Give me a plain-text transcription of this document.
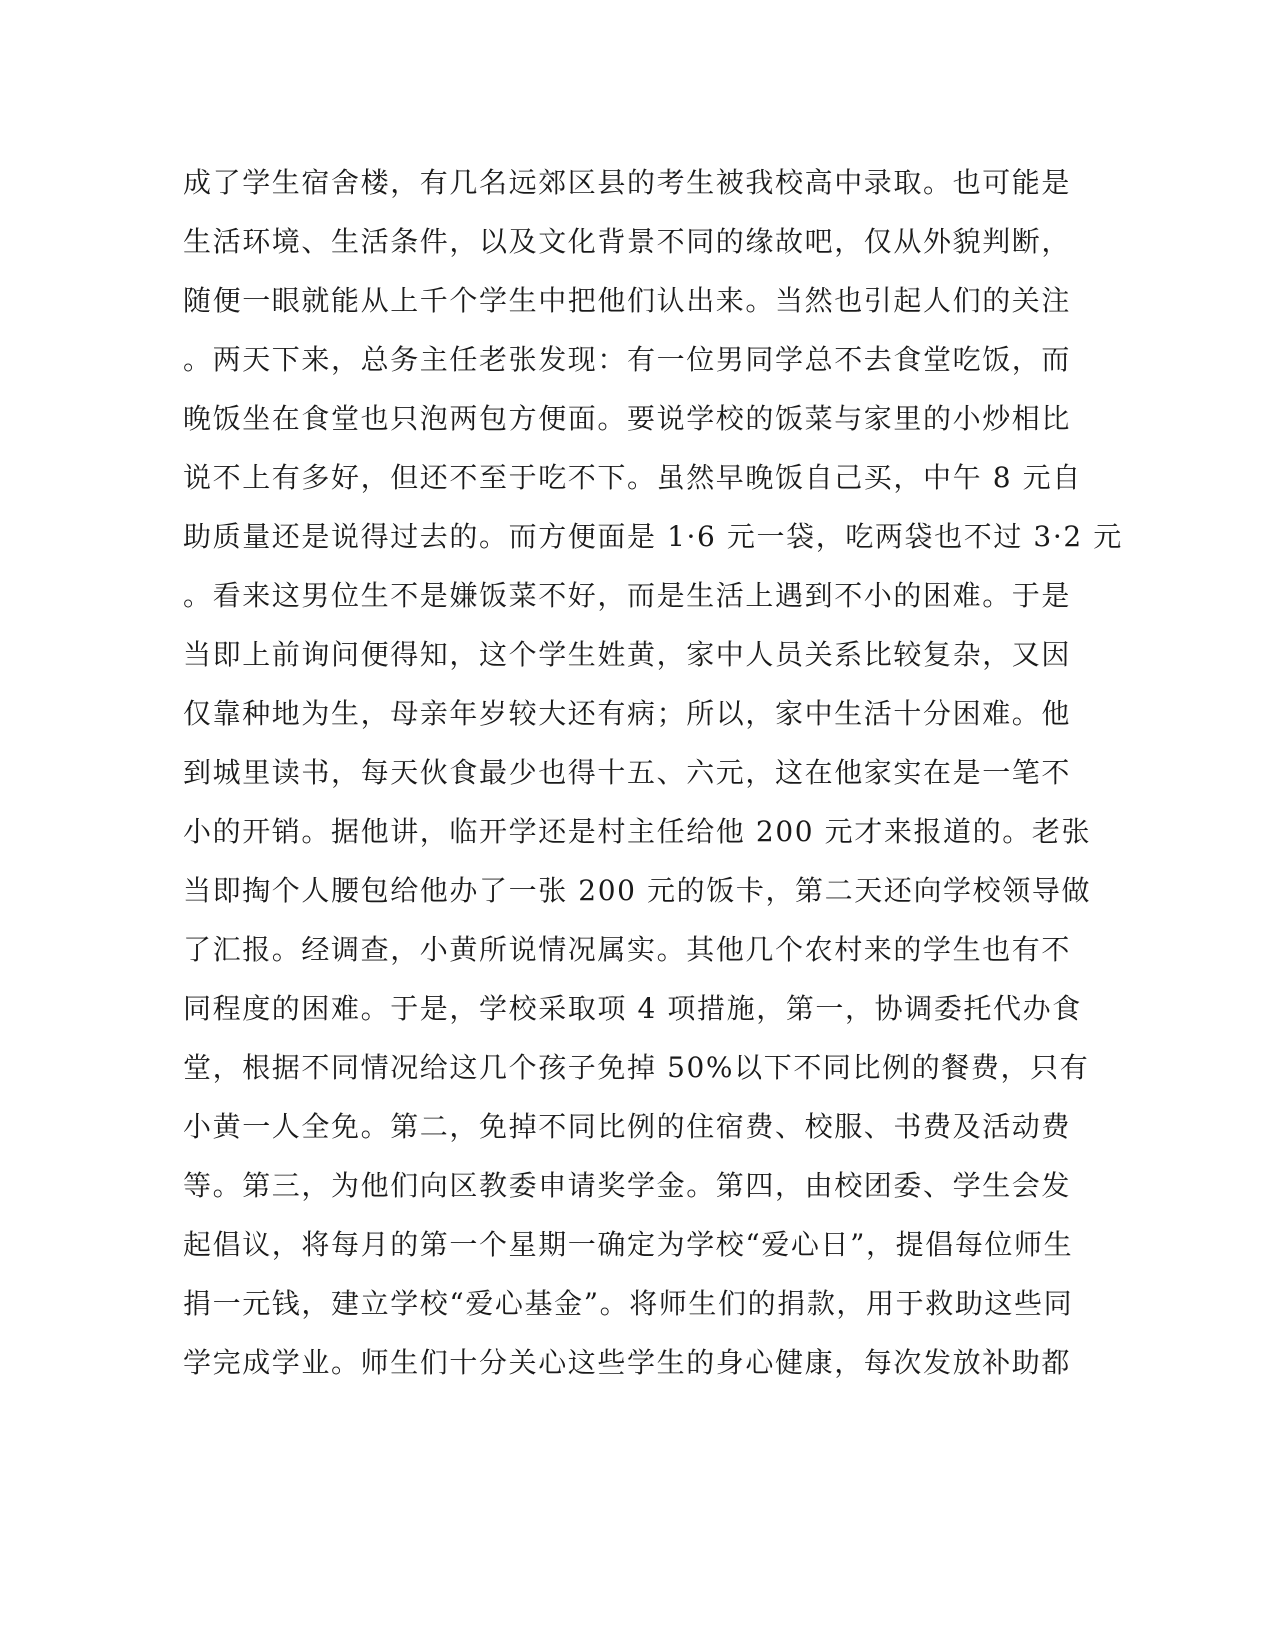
成了学生宿舍楼，有几名远郊区县的考生被我校高中录取。也可能是
生活环境、生活条件，以及文化背景不同的缘故吧，仅从外貌判断，
随便一眼就能从上千个学生中把他们认出来。当然也引起人们的关注
。两天下来，总务主任老张发现：有一位男同学总不去食堂吃饭，而
晚饭坐在食堂也只泡两包方便面。要说学校的饭菜与家里的小炒相比
说不上有多好，但还不至于吃不下。虽然早晚饭自己买，中午 8 元自
助质量还是说得过去的。而方便面是 1·6 元一袋，吃两袋也不过 3·2 元
。看来这男位生不是嫌饭菜不好，而是生活上遇到不小的困难。于是
当即上前询问便得知，这个学生姓黄，家中人员关系比较复杂，又因
仅靠种地为生，母亲年岁较大还有病；所以，家中生活十分困难。他
到城里读书，每天伙食最少也得十五、六元，这在他家实在是一笔不
小的开销。据他讲，临开学还是村主任给他 200 元才来报道的。老张
当即掏个人腰包给他办了一张 200 元的饭卡，第二天还向学校领导做
了汇报。经调查，小黄所说情况属实。其他几个农村来的学生也有不
同程度的困难。于是，学校采取项 4 项措施，第一，协调委托代办食
堂，根据不同情况给这几个孩子免掉 50%以下不同比例的餐费，只有
小黄一人全免。第二，免掉不同比例的住宿费、校服、书费及活动费
等。第三，为他们向区教委申请奖学金。第四，由校团委、学生会发
起倡议，将每月的第一个星期一确定为学校“爱心日”，提倡每位师生
捐一元钱，建立学校“爱心基金”。将师生们的捐款，用于救助这些同
学完成学业。师生们十分关心这些学生的身心健康，每次发放补助都
